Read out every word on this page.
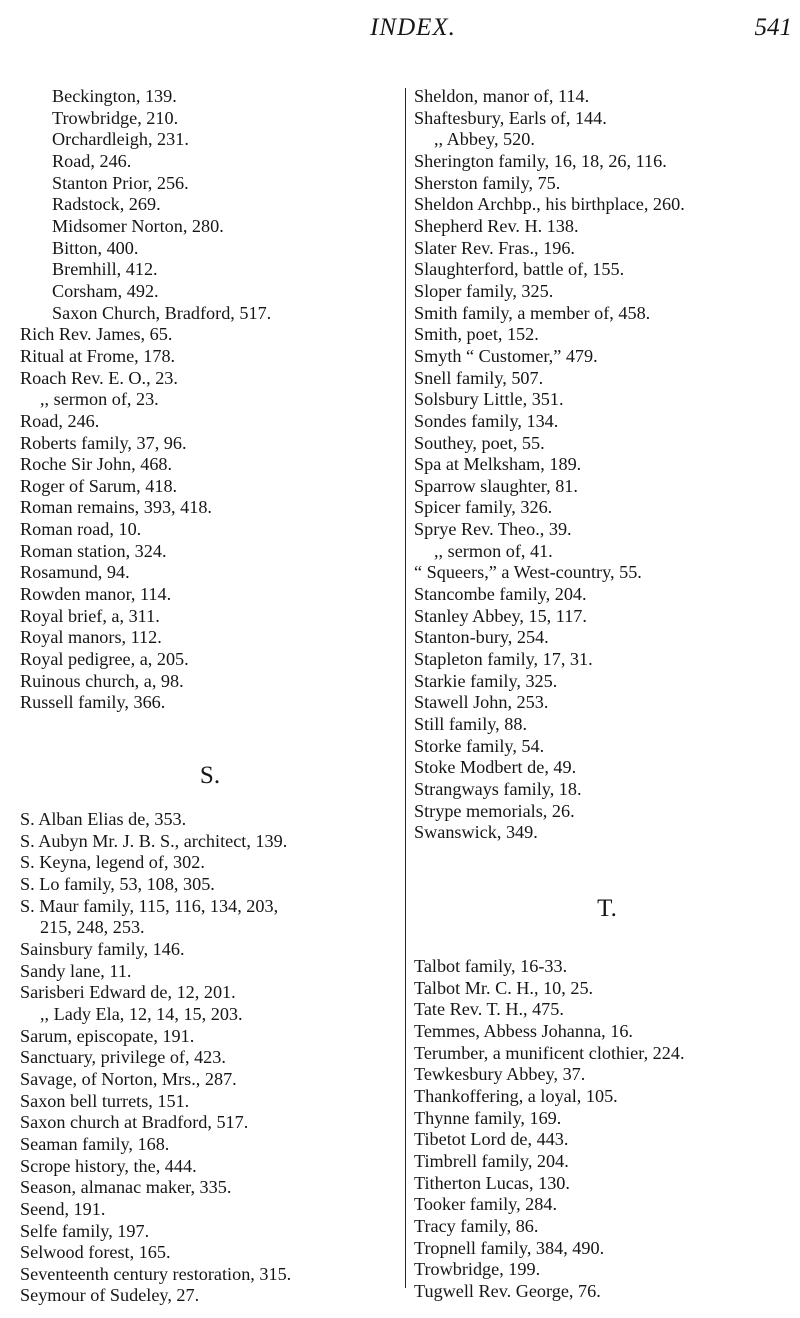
INDEX.	541
Beckington, 139.
Trowbridge, 210.
Orchardleigh, 231.
Road, 246.
Stanton Prior, 256.
Radstock, 269.
Midsomer Norton, 280.
Bitton, 400.
Bremhill, 412.
Corsham, 492.
Saxon Church, Bradford, 517.
Rich Rev. James, 65.
Ritual at Frome, 178.
Roach Rev. E. O., 23.
,, sermon of, 23.
Road, 246.
Roberts family, 37, 96.
Roche Sir John, 468.
Roger of Sarum, 418.
Roman remains, 393, 418.
Roman road, 10.
Roman station, 324.
Rosamund, 94.
Rowden manor, 114.
Royal brief, a, 311.
Royal manors, 112.
Royal pedigree, a, 205.
Ruinous church, a, 98.
Russell family, 366.
S.
S. Alban Elias de, 353.
S. Aubyn Mr. J. B. S., architect, 139.
S. Keyna, legend of, 302.
S. Lo family, 53, 108, 305.
S. Maur family, 115, 116, 134, 203,
215, 248, 253.
Sainsbury family, 146.
Sandy lane, 11.
Sarisberi Edward de, 12, 201.
,, Lady Ela, 12, 14, 15, 203.
Sarum, episcopate, 191.
Sanctuary, privilege of, 423.
Savage, of Norton, Mrs., 287.
Saxon bell turrets, 151.
Saxon church at Bradford, 517.
Seaman family, 168.
Scrope history, the, 444.
Season, almanac maker, 335.
Seend, 191.
Selfe family, 197.
Selwood forest, 165.
Seventeenth century restoration, 315.
Seymour of Sudeley, 27.
Sheldon, manor of, 114.
Shaftesbury, Earls of, 144.
,, Abbey, 520.
Sherington family, 16, 18, 26, 116.
Sherston family, 75.
Sheldon Archbp., his birthplace, 260.
Shepherd Rev. H. 138.
Slater Rev. Fras., 196.
Slaughterford, battle of, 155.
Sloper family, 325.
Smith family, a member of, 458.
Smith, poet, 152.
Smyth “ Customer,” 479.
Snell family, 507.
Solsbury Little, 351.
Sondes family, 134.
Southey, poet, 55.
Spa at Melksham, 189.
Sparrow slaughter, 81.
Spicer family, 326.
Sprye Rev. Theo., 39.
,, sermon of, 41.
“ Squeers,” a West-country, 55.
Stancombe family, 204.
Stanley Abbey, 15, 117.
Stanton-bury, 254.
Stapleton family, 17, 31.
Starkie family, 325.
Stawell John, 253.
Still family, 88.
Storke family, 54.
Stoke Modbert de, 49.
Strangways family, 18.
Strype memorials, 26.
Swanswick, 349.
T.
Talbot family, 16-33.
Talbot Mr. C. H., 10, 25.
Tate Rev. T. H., 475.
Temmes, Abbess Johanna, 16.
Terumber, a munificent clothier, 224.
Tewkesbury Abbey, 37.
Thankoffering, a loyal, 105.
Thynne family, 169.
Tibetot Lord de, 443.
Timbrell family, 204.
Titherton Lucas, 130.
Tooker family, 284.
Tracy family, 86.
Tropnell family, 384, 490.
Trowbridge, 199.
Tugwell Rev. George, 76.
